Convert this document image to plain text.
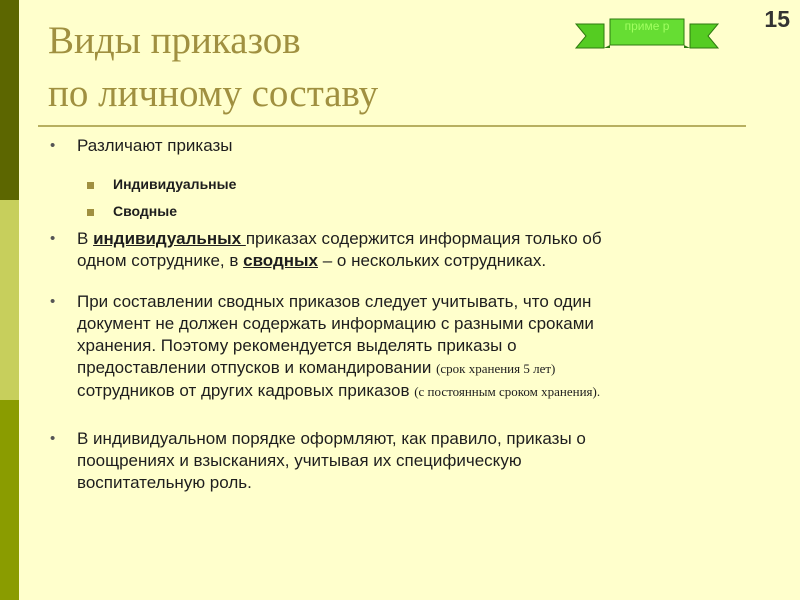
Виды приказов
по личному составу
15
приме р
• Различают приказы
Индивидуальные
Сводные
• В индивидуальных приказах содержится информация только об
одном сотруднике, в сводных – о нескольких сотрудниках.
• При составлении сводных приказов следует учитывать, что один
документ не должен содержать информацию с разными сроками
хранения. Поэтому рекомендуется выделять приказы о
предоставлении отпусков и командировании (срок хранения 5 лет)
сотрудников от других кадровых приказов (с постоянным сроком хранения).
• В индивидуальном порядке оформляют, как правило, приказы о
поощрениях и взысканиях, учитывая их специфическую
воспитательную роль.
